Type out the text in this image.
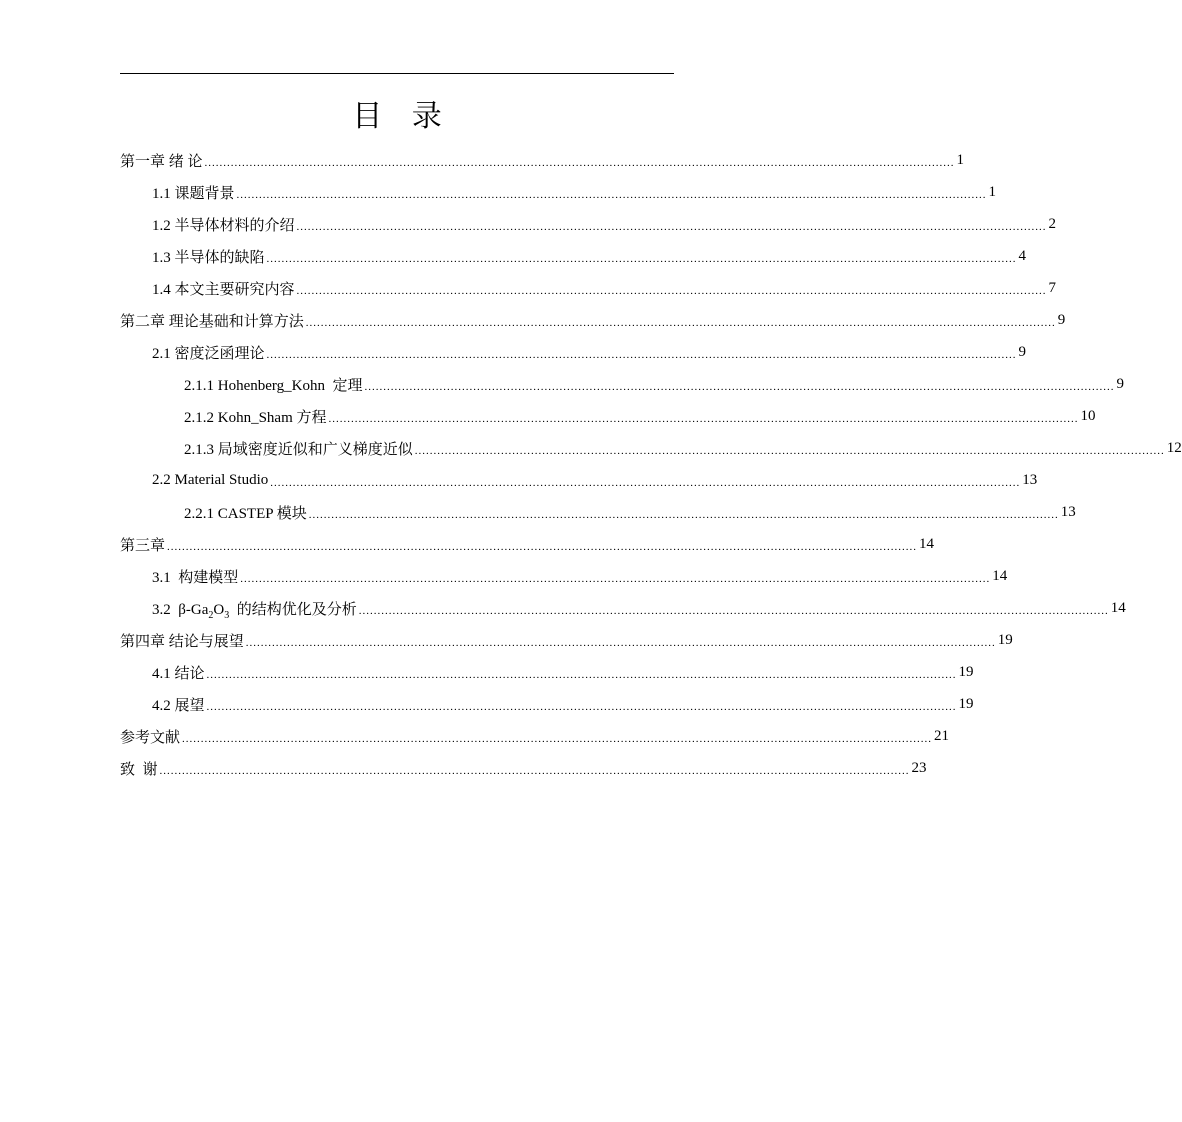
目 录
第一章 绪 论 ........................................................................................................................................................................................................ 1
1.1 课题背景 ........................................................................................................................................................................................................ 1
1.2 半导体材料的介绍 ........................................................................................................................................................................................................ 2
1.3 半导体的缺陷 ........................................................................................................................................................................................................ 4
1.4 本文主要研究内容 ........................................................................................................................................................................................................ 7
第二章 理论基础和计算方法 ........................................................................................................................................................................................................ 9
2.1 密度泛函理论 ........................................................................................................................................................................................................ 9
2.1.1 Hohenberg_Kohn  定理 ........................................................................................................................................................................................................ 9
2.1.2 Kohn_Sham 方程 ........................................................................................................................................................................................................ 10
2.1.3 局域密度近似和广义梯度近似 ........................................................................................................................................................................................................ 12
2.2 Material Studio ........................................................................................................................................................................................................ 13
2.2.1 CASTEP 模块 ........................................................................................................................................................................................................ 13
第三章 ........................................................................................................................................................................................................ 14
3.1  构建模型 ........................................................................................................................................................................................................ 14
3.2  $\beta-Ga_2O_3$  的结构优化及分析 ........................................................................................................................................................................................................ 14
第四章 结论与展望 ........................................................................................................................................................................................................ 19
4.1 结论 ........................................................................................................................................................................................................ 19
4.2 展望 ........................................................................................................................................................................................................ 19
参考文献 ........................................................................................................................................................................................................ 21
致  谢 ........................................................................................................................................................................................................ 23
